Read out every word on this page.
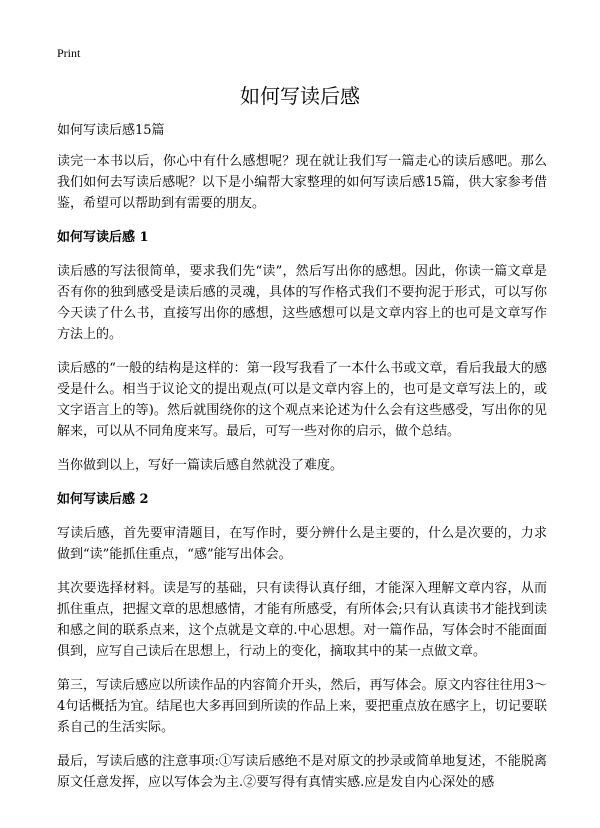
Print
如何写读后感

如何写读后感15篇

读完一本书以后，你心中有什么感想呢？现在就让我们写一篇走心的读后感吧。那么我们如何去写读后感呢？以下是小编帮大家整理的如何写读后感15篇，供大家参考借鉴，希望可以帮助到有需要的朋友。

如何写读后感 1

读后感的写法很简单，要求我们先“读”，然后写出你的感想。因此，你读一篇文章是否有你的独到感受是读后感的灵魂，具体的写作格式我们不要拘泥于形式，可以写你今天读了什么书，直接写出你的感想，这些感想可以是文章内容上的也可是文章写作方法上的。

读后感的“一般的结构是这样的：第一段写我看了一本什么书或文章，看后我最大的感受是什么。相当于议论文的提出观点(可以是文章内容上的，也可是文章写法上的，或文字语言上的等)。然后就围绕你的这个观点来论述为什么会有这些感受，写出你的见解来，可以从不同角度来写。最后，可写一些对你的启示，做个总结。

当你做到以上，写好一篇读后感自然就没了难度。

如何写读后感 2

写读后感，首先要审清题目，在写作时，要分辨什么是主要的，什么是次要的，力求做到“读”能抓住重点，“感”能写出体会。

其次要选择材料。读是写的基础，只有读得认真仔细，才能深入理解文章内容，从而抓住重点，把握文章的思想感情，才能有所感受，有所体会;只有认真读书才能找到读和感之间的联系点来，这个点就是文章的.中心思想。对一篇作品，写体会时不能面面俱到，应写自己读后在思想上，行动上的变化，摘取其中的某一点做文章。

第三，写读后感应以所读作品的内容简介开头，然后，再写体会。原文内容往往用3～4句话概括为宜。结尾也大多再回到所读的作品上来，要把重点放在感字上，切记要联系自己的生活实际。

最后，写读后感的注意事项:①写读后感绝不是对原文的抄录或简单地复述，不能脱离原文任意发挥，应以写体会为主.②要写得有真情实感.应是发自内心深处的感
